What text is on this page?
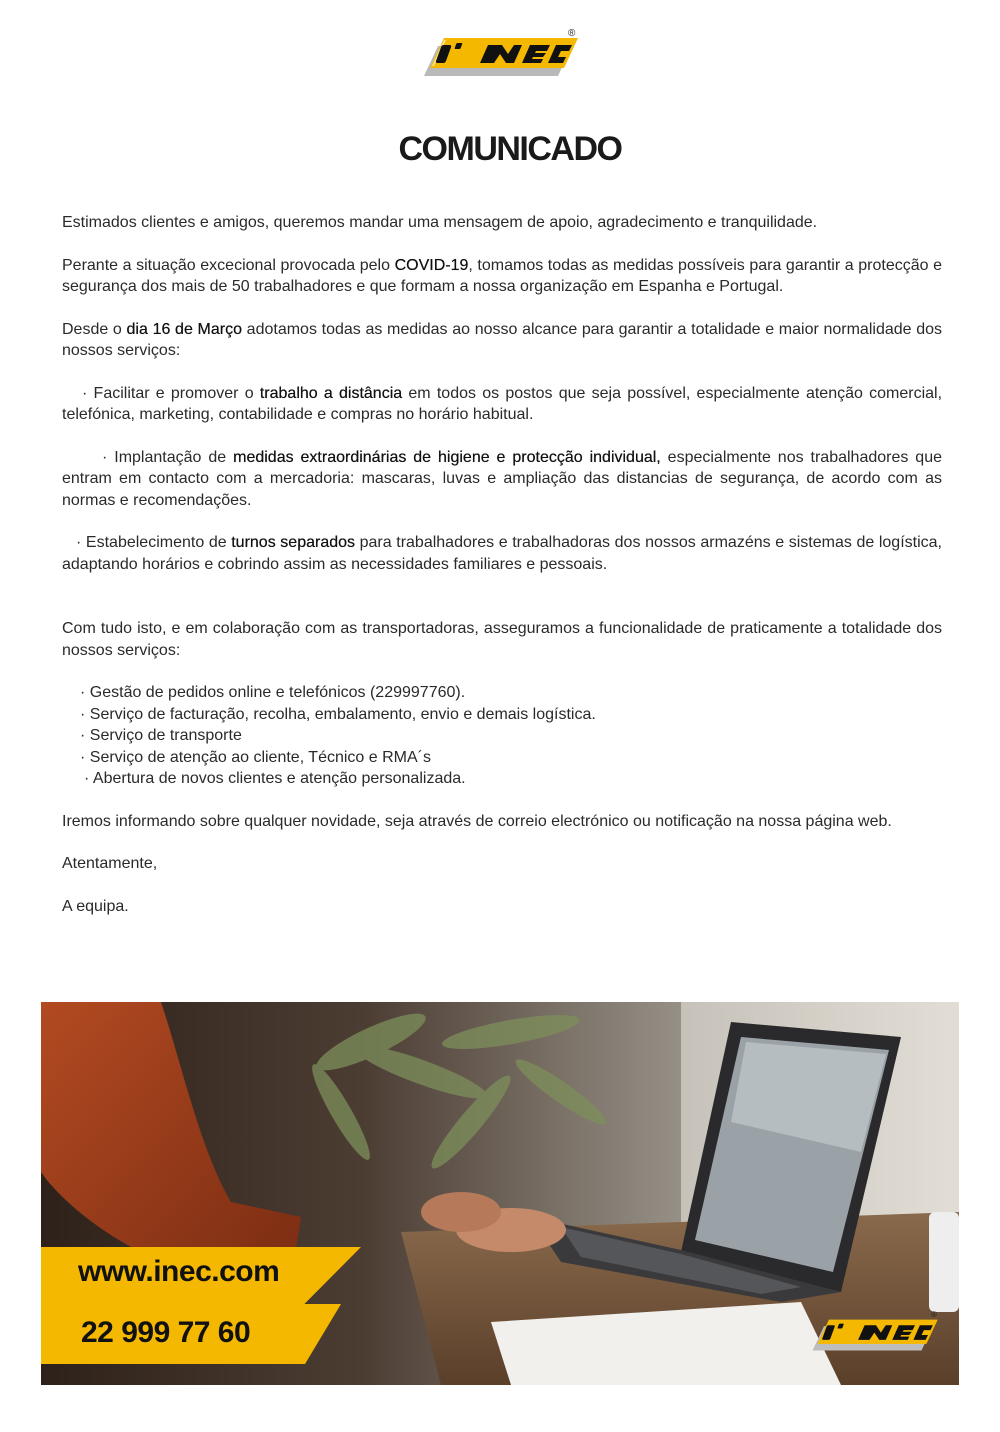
®
COMUNICADO

Estimados clientes e amigos, queremos mandar uma mensagem de apoio, agradecimento e tranquilidade.

Perante a situação excecional provocada pelo COVID-19, tomamos todas as medidas possíveis para garantir a protecção e segurança dos mais de 50 trabalhadores e que formam a nossa organização em Espanha e Portugal.

Desde o dia 16 de Março adotamos todas as medidas ao nosso alcance para garantir a totalidade e maior normalidade dos nossos serviços:

· Facilitar e promover o trabalho a distância em todos os postos que seja possível, especialmente atenção comercial, telefónica, marketing, contabilidade e compras no horário habitual.

· Implantação de medidas extraordinárias de higiene e protecção individual, especialmente nos trabalhadores que entram em contacto com a mercadoria: mascaras, luvas e ampliação das distancias de segurança, de acordo com as normas e recomendações.

· Estabelecimento de turnos separados para trabalhadores e trabalhadoras dos nossos armazéns e sistemas de logística, adaptando horários e cobrindo assim as necessidades familiares e pessoais.

Com tudo isto, e em colaboração com as transportadoras, asseguramos a funcionalidade de praticamente a totalidade dos nossos serviços:

· Gestão de pedidos online e telefónicos (229997760).
· Serviço de facturação, recolha, embalamento, envio e demais logística.
· Serviço de transporte
· Serviço de atenção ao cliente, Técnico e RMA´s
· Abertura de novos clientes e atenção personalizada.

Iremos informando sobre qualquer novidade, seja através de correio electrónico ou notificação na nossa página web.

Atentamente,

A equipa.

www.inec.com
22 999 77 60
®
